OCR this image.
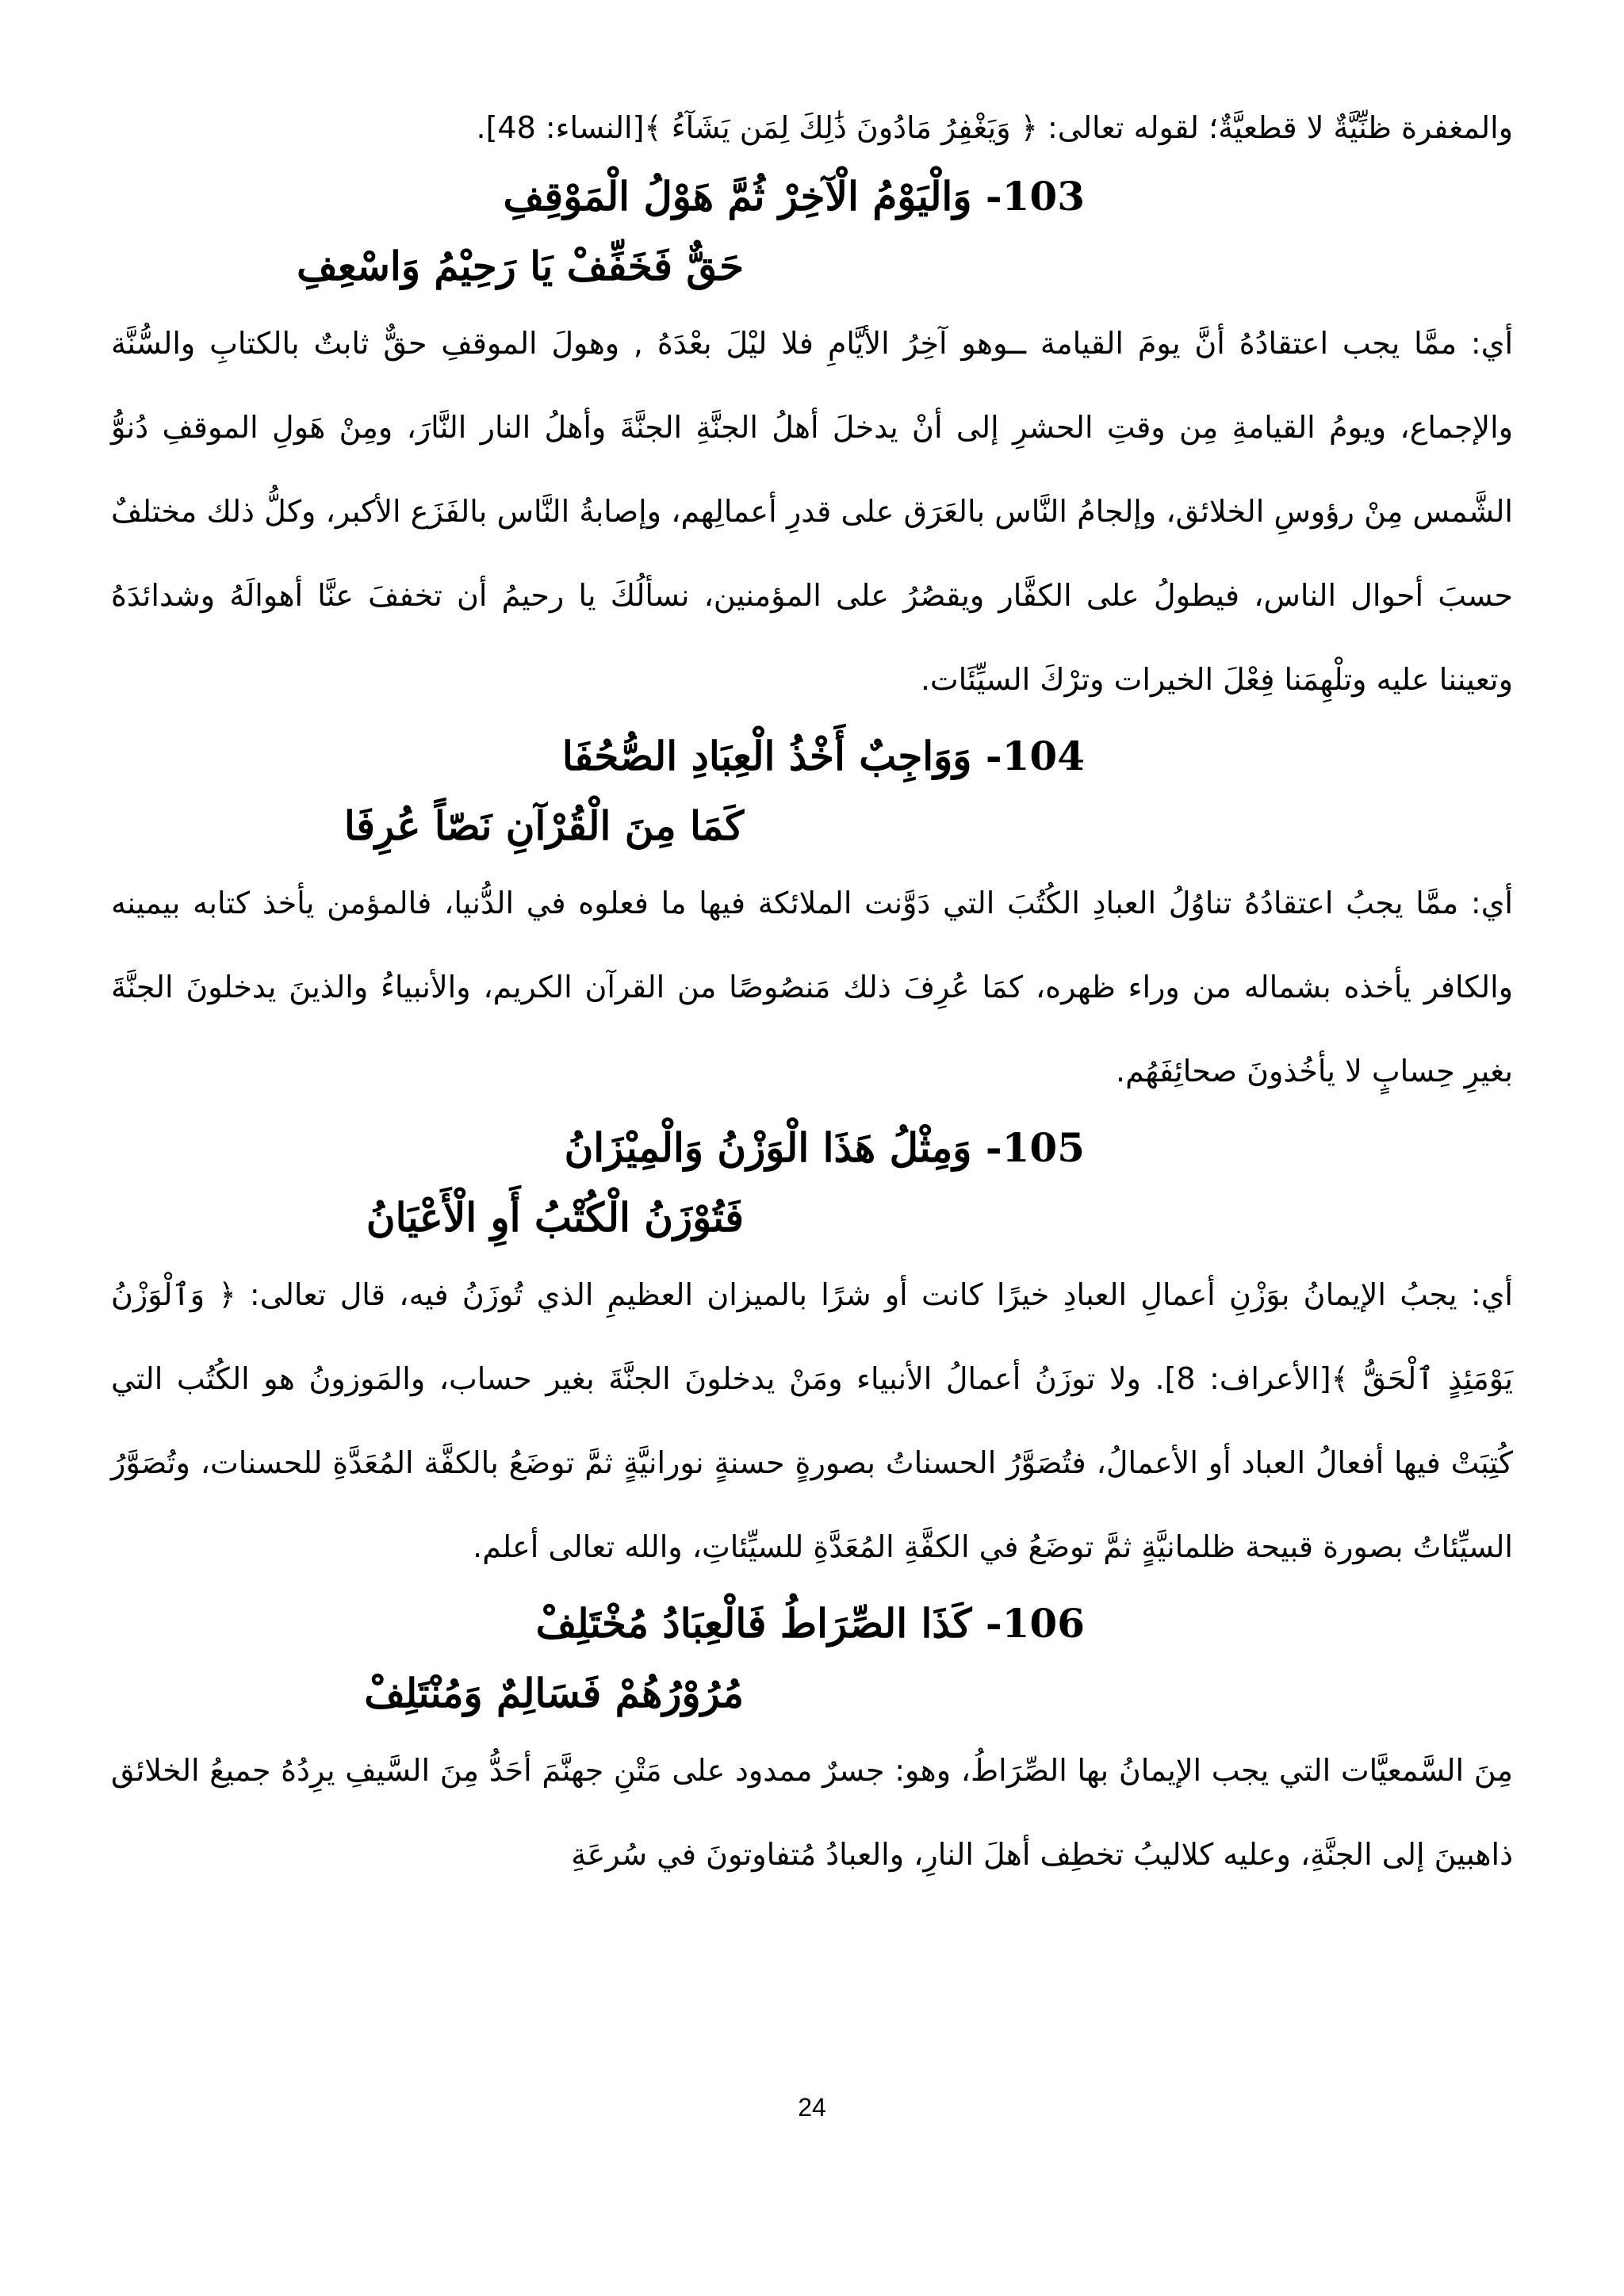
والمغفرة ظنِّيَّةٌ لا قطعيَّةٌ؛ لقوله تعالى: ﴿ وَيَغْفِرُ مَادُونَ ذَٰلِكَ لِمَن يَشَآءُ ﴾[النساء: 48].

103- وَالْيَوْمُ الْآخِرْ ثُمَّ هَوْلُ الْمَوْقِفِ
حَقٌّ فَخَفِّفْ يَا رَحِيْمُ وَاسْعِفِ

أي: ممَّا يجب اعتقادُهُ أنَّ يومَ القيامة ــوهو آخِرُ الأيَّامِ فلا ليْلَ بعْدَهُ , وهولَ الموقفِ حقٌّ ثابتٌ بالكتابِ والسُّنَّة والإجماع، ويومُ القيامةِ مِن وقتِ الحشرِ إلى أنْ يدخلَ أهلُ الجنَّةِ الجنَّةَ وأهلُ النار النَّارَ، ومِنْ هَولِ الموقفِ دُنوُّ الشَّمس مِنْ رؤوسِ الخلائق، وإلجامُ النَّاس بالعَرَق على قدرِ أعمالِهم، وإصابةُ النَّاس بالفَزَع الأكبر، وكلُّ ذلك مختلفٌ حسبَ أحوال الناس، فيطولُ على الكفَّار ويقصُرُ على المؤمنين، نسألُكَ يا رحيمُ أن تخففَ عنَّا أهوالَهُ وشدائدَهُ وتعيننا عليه وتلْهِمَنا فِعْلَ الخيرات وترْكَ السيِّئَات.

104- وَوَاجِبٌ أَخْذُ الْعِبَادِ الصُّحُفَا
كَمَا مِنَ الْقُرْآنِ نَصّاً عُرِفَا

أي: ممَّا يجبُ اعتقادُهُ تناوُلُ العبادِ الكُتُبَ التي دَوَّنت الملائكة فيها ما فعلوه في الدُّنيا، فالمؤمن يأخذ كتابه بيمينه والكافر يأخذه بشماله من وراء ظهره، كمَا عُرِفَ ذلك مَنصُوصًا من القرآن الكريم، والأنبياءُ والذينَ يدخلونَ الجنَّةَ بغيرِ حِسابٍ لا يأخُذونَ صحائِفَهُم.

105- وَمِثْلُ هَذَا الْوَزْنُ وَالْمِيْزَانُ
فَتُوْزَنُ الْكُتْبُ أَوِ الْأَعْيَانُ

أي: يجبُ الإيمانُ بوَزْنِ أعمالِ العبادِ خيرًا كانت أو شرًا بالميزان العظيمِ الذي تُوزَنُ فيه، قال تعالى: ﴿ وَٱلْوَزْنُ يَوْمَئِذٍ ٱلْحَقُّ ﴾[الأعراف: 8]. ولا توزَنُ أعمالُ الأنبياء ومَنْ يدخلونَ الجنَّةَ بغير حساب، والمَوزونُ هو الكُتُب التي كُتِبَتْ فيها أفعالُ العباد أو الأعمالُ، فتُصَوَّرُ الحسناتُ بصورةٍ حسنةٍ نورانيَّةٍ ثمَّ توضَعُ بالكفَّة المُعَدَّةِ للحسنات، وتُصَوَّرُ السيِّئاتُ بصورة قبيحة ظلمانيَّةٍ ثمَّ توضَعُ في الكفَّةِ المُعَدَّةِ للسيِّئاتِ، والله تعالى أعلم.

106- كَذَا الصِّرَاطُ فَالْعِبَادُ مُخْتَلِفْ
مُرُوْرُهُمْ فَسَالِمٌ وَمُنْتَلِفْ

مِنَ السَّمعيَّات التي يجب الإيمانُ بها الصِّرَاطُ، وهو: جسرٌ ممدود على مَتْنِ جهنَّمَ أحَدُّ مِنَ السَّيفِ يرِدُهُ جميعُ الخلائق ذاهبينَ إلى الجنَّةِ، وعليه كلاليبُ تخطِف أهلَ النارِ، والعبادُ مُتفاوتونَ في سُرعَةِ

24
